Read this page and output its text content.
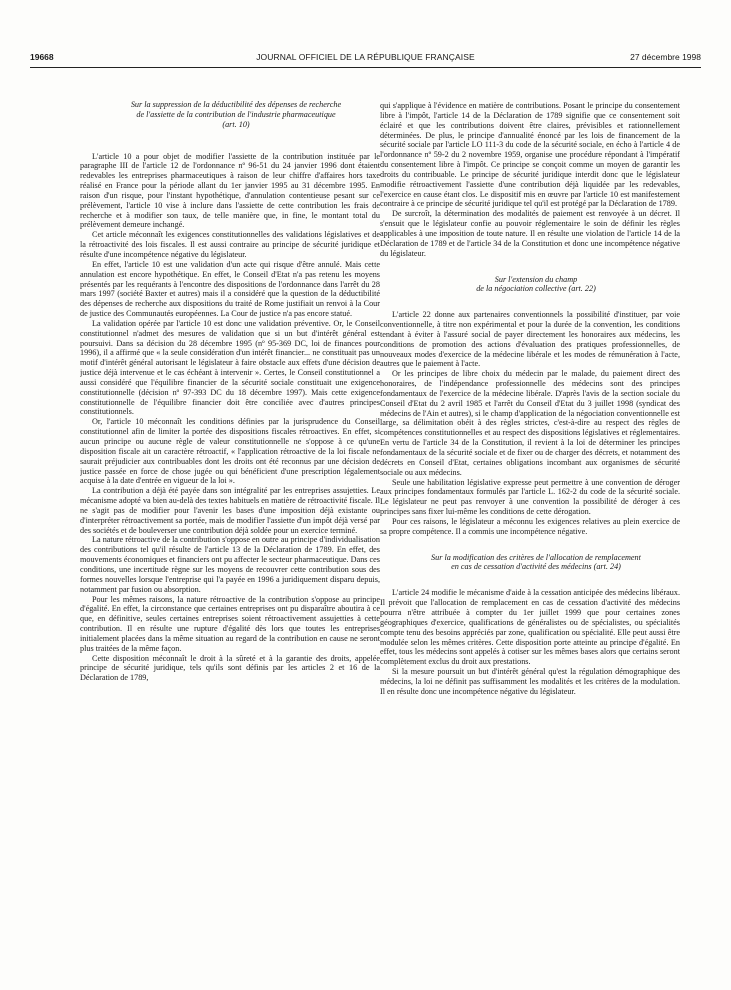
19668	JOURNAL OFFICIEL DE LA RÉPUBLIQUE FRANÇAISE	27 décembre 1998

Sur la suppression de la déductibilité des dépenses de recherche
de l'assiette de la contribution de l'industrie pharmaceutique
(art. 10)

L'article 10 a pour objet de modifier l'assiette de la contribution instituée par le paragraphe III de l'article 12 de l'ordonnance nº 96-51 du 24 janvier 1996 dont étaient redevables les entreprises pharmaceutiques à raison de leur chiffre d'affaires hors taxe réalisé en France pour la période allant du 1er janvier 1995 au 31 décembre 1995. En raison d'un risque, pour l'instant hypothétique, d'annulation contentieuse pesant sur ce prélèvement, l'article 10 vise à inclure dans l'assiette de cette contribution les frais de recherche et à modifier son taux, de telle manière que, in fine, le montant total du prélèvement demeure inchangé.

Cet article méconnaît les exigences constitutionnelles des validations législatives et de la rétroactivité des lois fiscales. Il est aussi contraire au principe de sécurité juridique et résulte d'une incompétence négative du législateur.

En effet, l'article 10 est une validation d'un acte qui risque d'être annulé. Mais cette annulation est encore hypothétique. En effet, le Conseil d'Etat n'a pas retenu les moyens présentés par les requérants à l'encontre des dispositions de l'ordonnance dans l'arrêt du 28 mars 1997 (société Baxter et autres) mais il a considéré que la question de la déductibilité des dépenses de recherche aux dispositions du traité de Rome justifiait un renvoi à la Cour de justice des Communautés européennes. La Cour de justice n'a pas encore statué.

La validation opérée par l'article 10 est donc une validation préventive. Or, le Conseil constitutionnel n'admet des mesures de validation que si un but d'intérêt général est poursuivi. Dans sa décision du 28 décembre 1995 (nº 95-369 DC, loi de finances pour 1996), il a affirmé que « la seule considération d'un intérêt financier... ne constituait pas un motif d'intérêt général autorisant le législateur à faire obstacle aux effets d'une décision de justice déjà intervenue et le cas échéant à intervenir ». Certes, le Conseil constitutionnel a aussi considéré que l'équilibre financier de la sécurité sociale constituait une exigence constitutionnelle (décision nº 97-393 DC du 18 décembre 1997). Mais cette exigence constitutionnelle de l'équilibre financier doit être conciliée avec d'autres principes constitutionnels.

Or, l'article 10 méconnaît les conditions définies par la jurisprudence du Conseil constitutionnel afin de limiter la portée des dispositions fiscales rétroactives. En effet, si aucun principe ou aucune règle de valeur constitutionnelle ne s'oppose à ce qu'une disposition fiscale ait un caractère rétroactif, « l'application rétroactive de la loi fiscale ne saurait préjudicier aux contribuables dont les droits ont été reconnus par une décision de justice passée en force de chose jugée ou qui bénéficient d'une prescription légalement acquise à la date d'entrée en vigueur de la loi ».

La contribution a déjà été payée dans son intégralité par les entreprises assujetties. Le mécanisme adopté va bien au-delà des textes habituels en matière de rétroactivité fiscale. Il ne s'agit pas de modifier pour l'avenir les bases d'une imposition déjà existante ou d'interpréter rétroactivement sa portée, mais de modifier l'assiette d'un impôt déjà versé par des sociétés et de bouleverser une contribution déjà soldée pour un exercice terminé.

La nature rétroactive de la contribution s'oppose en outre au principe d'individualisation des contributions tel qu'il résulte de l'article 13 de la Déclaration de 1789. En effet, des mouvements économiques et financiers ont pu affecter le secteur pharmaceutique. Dans ces conditions, une incertitude règne sur les moyens de recouvrer cette contribution sous des formes nouvelles lorsque l'entreprise qui l'a payée en 1996 a juridiquement disparu depuis, notamment par fusion ou absorption.

Pour les mêmes raisons, la nature rétroactive de la contribution s'oppose au principe d'égalité. En effet, la circonstance que certaines entreprises ont pu disparaître aboutira à ce que, en définitive, seules certaines entreprises soient rétroactivement assujetties à cette contribution. Il en résulte une rupture d'égalité dès lors que toutes les entreprises initialement placées dans la même situation au regard de la contribution en cause ne seront plus traitées de la même façon.

Cette disposition méconnaît le droit à la sûreté et à la garantie des droits, appelée principe de sécurité juridique, tels qu'ils sont définis par les articles 2 et 16 de la Déclaration de 1789,

qui s'applique à l'évidence en matière de contributions. Posant le principe du consentement libre à l'impôt, l'article 14 de la Déclaration de 1789 signifie que ce consentement soit éclairé et que les contributions doivent être claires, prévisibles et rationnellement déterminées. De plus, le principe d'annualité énoncé par les lois de financement de la sécurité sociale par l'article LO 111-3 du code de la sécurité sociale, en écho à l'article 4 de l'ordonnance nº 59-2 du 2 novembre 1959, organise une procédure répondant à l'impératif du consentement libre à l'impôt. Ce principe se conçoit comme un moyen de garantir les droits du contribuable. Le principe de sécurité juridique interdit donc que le législateur modifie rétroactivement l'assiette d'une contribution déjà liquidée par les redevables, l'exercice en cause étant clos. Le dispositif mis en œuvre par l'article 10 est manifestement contraire à ce principe de sécurité juridique tel qu'il est protégé par la Déclaration de 1789.

De surcroît, la détermination des modalités de paiement est renvoyée à un décret. Il s'ensuit que le législateur confie au pouvoir réglementaire le soin de définir les règles applicables à une imposition de toute nature. Il en résulte une violation de l'article 14 de la Déclaration de 1789 et de l'article 34 de la Constitution et donc une incompétence négative du législateur.

Sur l'extension du champ
de la négociation collective (art. 22)

L'article 22 donne aux partenaires conventionnels la possibilité d'instituer, par voie conventionnelle, à titre non expérimental et pour la durée de la convention, les conditions tendant à éviter à l'assuré social de payer directement les honoraires aux médecins, les conditions de promotion des actions d'évaluation des pratiques professionnelles, de nouveaux modes d'exercice de la médecine libérale et les modes de rémunération à l'acte, autres que le paiement à l'acte.

Or les principes de libre choix du médecin par le malade, du paiement direct des honoraires, de l'indépendance professionnelle des médecins sont des principes fondamentaux de l'exercice de la médecine libérale. D'après l'avis de la section sociale du Conseil d'Etat du 2 avril 1985 et l'arrêt du Conseil d'Etat du 3 juillet 1998 (syndicat des médecins de l'Ain et autres), si le champ d'application de la négociation conventionnelle est large, sa délimitation obéit à des règles strictes, c'est-à-dire au respect des règles de compétences constitutionnelles et au respect des dispositions législatives et réglementaires. En vertu de l'article 34 de la Constitution, il revient à la loi de déterminer les principes fondamentaux de la sécurité sociale et de fixer ou de charger des décrets, et notamment des décrets en Conseil d'Etat, certaines obligations incombant aux organismes de sécurité sociale ou aux médecins.

Seule une habilitation législative expresse peut permettre à une convention de déroger aux principes fondamentaux formulés par l'article L. 162-2 du code de la sécurité sociale. Le législateur ne peut pas renvoyer à une convention la possibilité de déroger à ces principes sans fixer lui-même les conditions de cette dérogation.

Pour ces raisons, le législateur a méconnu les exigences relatives au plein exercice de sa propre compétence. Il a commis une incompétence négative.

Sur la modification des critères de l'allocation de remplacement
en cas de cessation d'activité des médecins (art. 24)

L'article 24 modifie le mécanisme d'aide à la cessation anticipée des médecins libéraux. Il prévoit que l'allocation de remplacement en cas de cessation d'activité des médecins pourra n'être attribuée à compter du 1er juillet 1999 que pour certaines zones géographiques d'exercice, qualifications de généralistes ou de spécialistes, ou spécialités compte tenu des besoins appréciés par zone, qualification ou spécialité. Elle peut aussi être modulée selon les mêmes critères. Cette disposition porte atteinte au principe d'égalité. En effet, tous les médecins sont appelés à cotiser sur les mêmes bases alors que certains seront complètement exclus du droit aux prestations.

Si la mesure poursuit un but d'intérêt général qu'est la régulation démographique des médecins, la loi ne définit pas suffisamment les modalités et les critères de la modulation. Il en résulte donc une incompétence négative du législateur.
